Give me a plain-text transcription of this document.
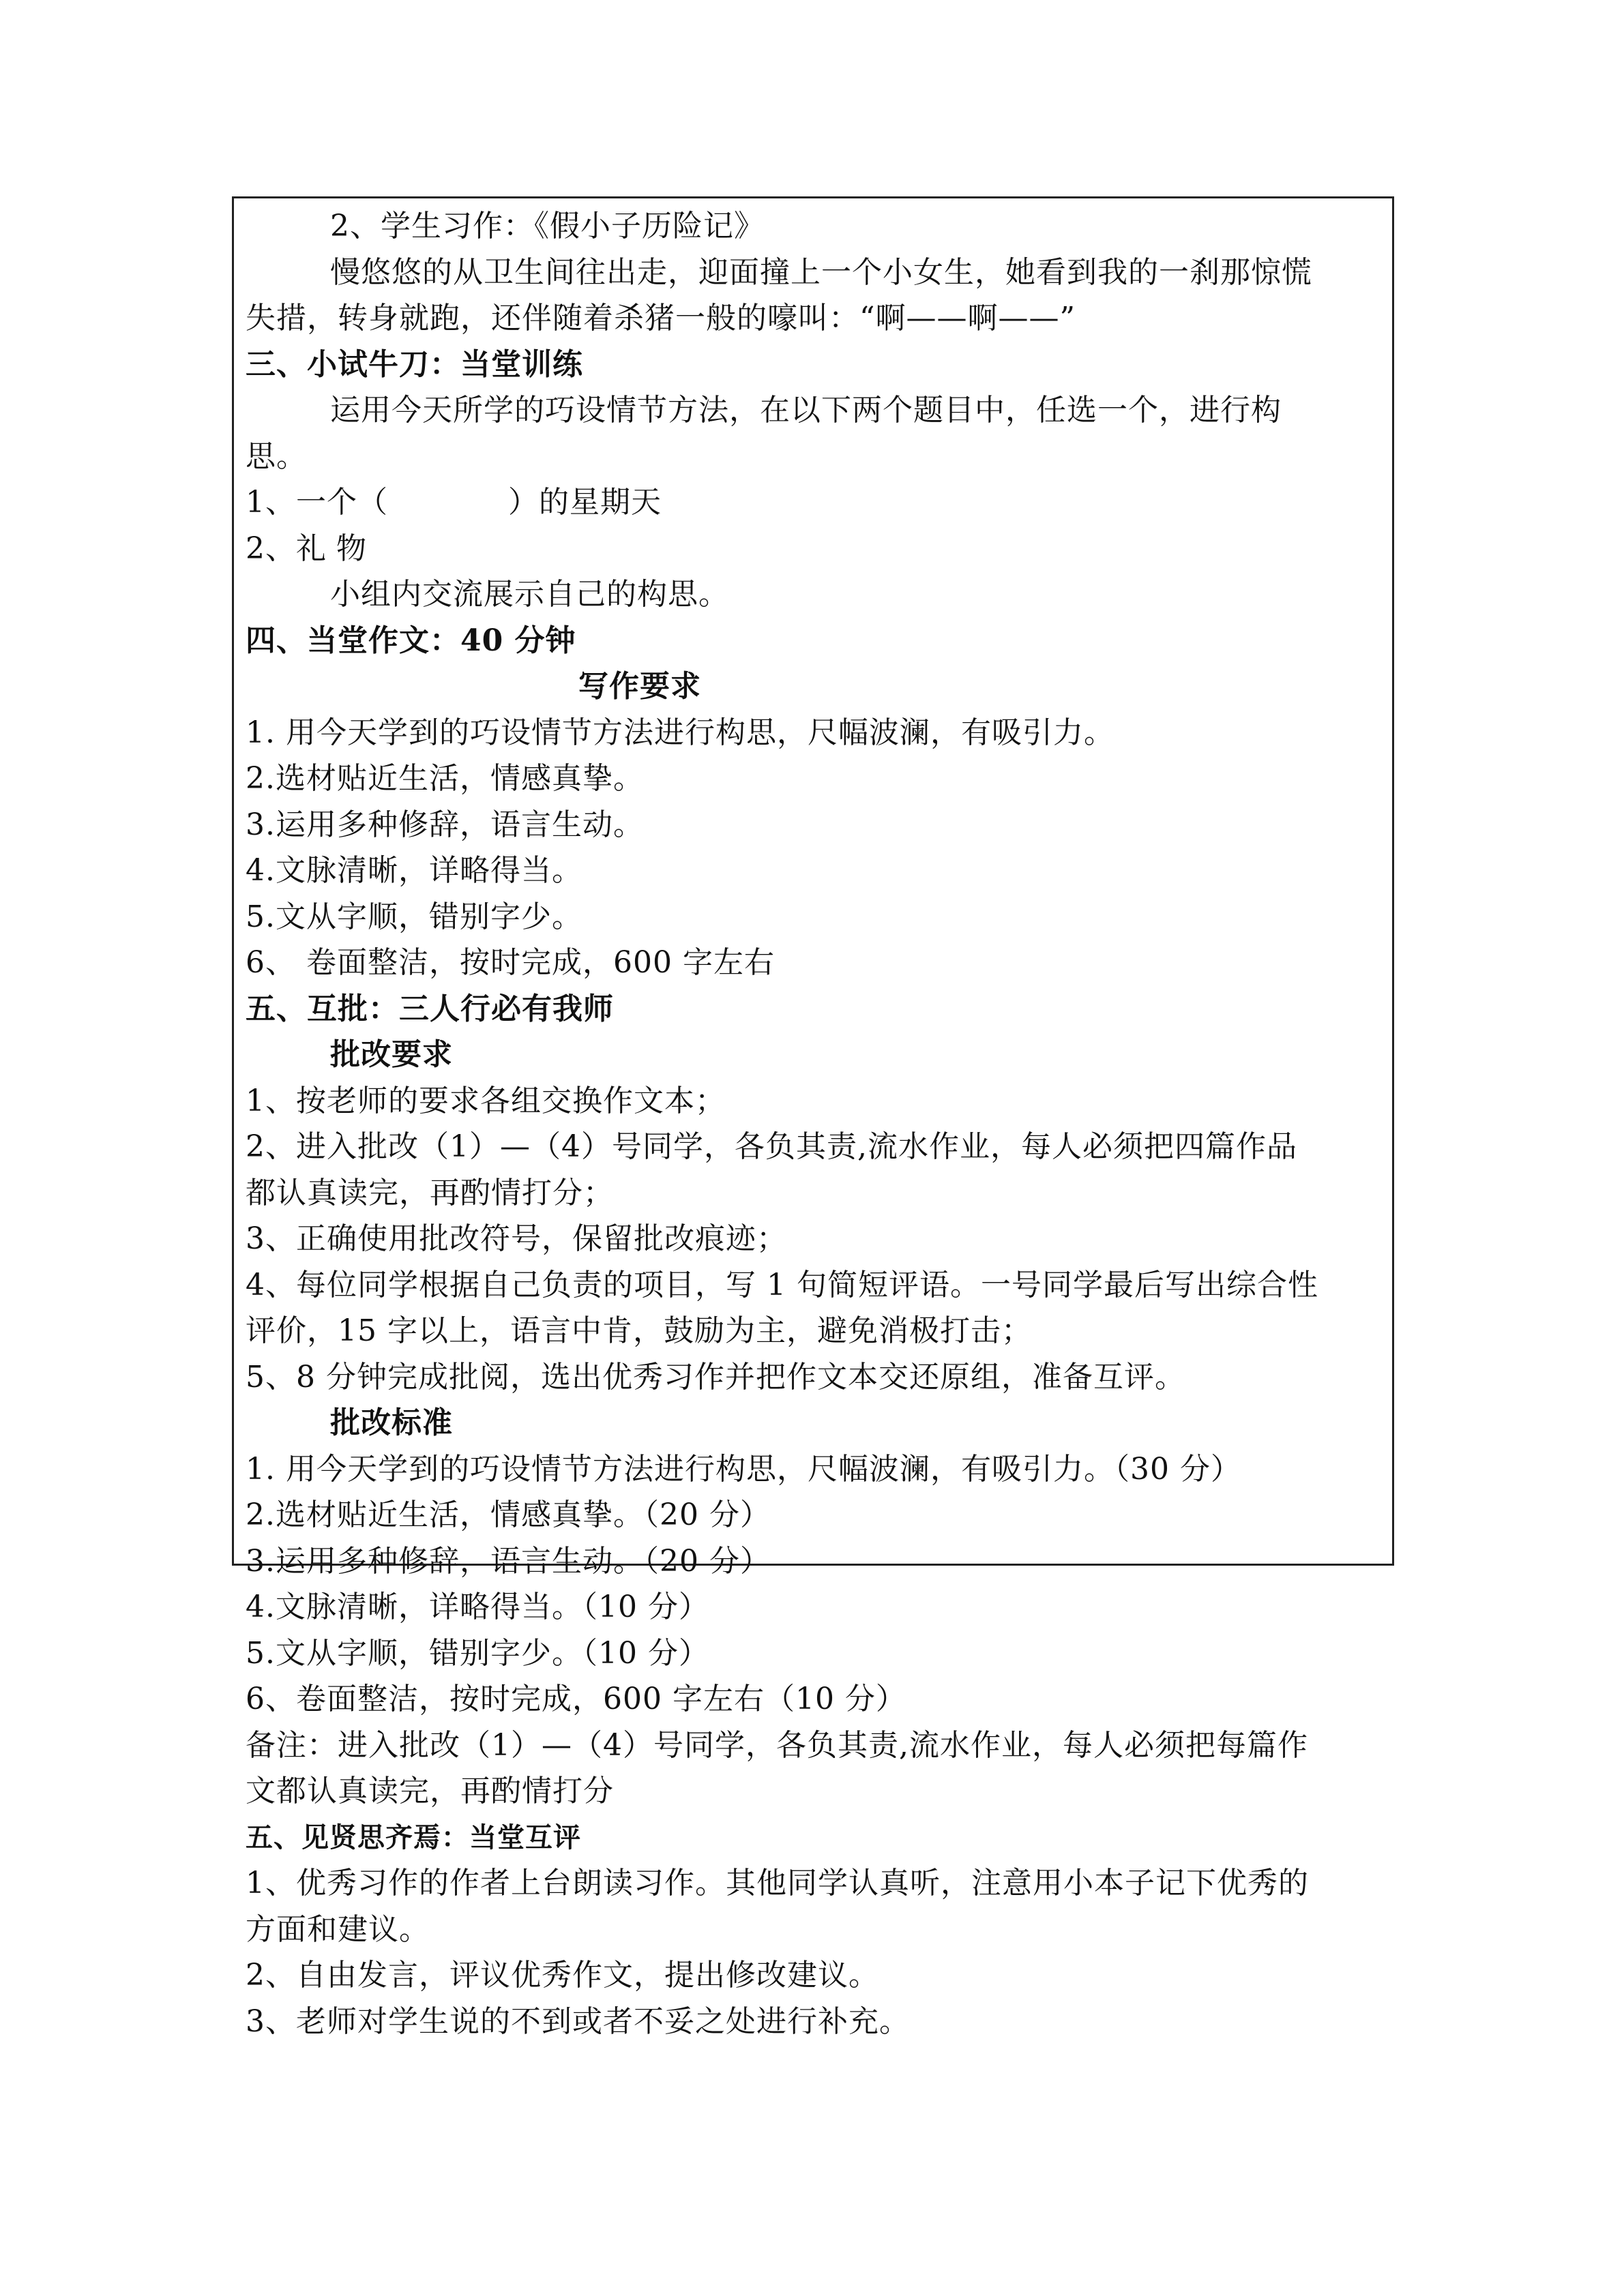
2、学生习作：《假小子历险记》
慢悠悠的从卫生间往出走，迎面撞上一个小女生，她看到我的一刹那惊慌
失措，转身就跑，还伴随着杀猪一般的嚎叫：“啊——啊——”
三、小试牛刀：当堂训练
运用今天所学的巧设情节方法，在以下两个题目中，任选一个，进行构
思。
1、一个（	）的星期天
2、礼 物
小组内交流展示自己的构思。
四、当堂作文：40 分钟
写作要求
1. 用今天学到的巧设情节方法进行构思，尺幅波澜，有吸引力。
2.选材贴近生活，情感真挚。
3.运用多种修辞，语言生动。
4.文脉清晰，详略得当。
5.文从字顺，错别字少。
6、 卷面整洁，按时完成，600 字左右
五、互批：三人行必有我师
批改要求
1、按老师的要求各组交换作文本；
2、进入批改（1）—（4）号同学，各负其责,流水作业，每人必须把四篇作品
都认真读完，再酌情打分；
3、正确使用批改符号，保留批改痕迹；
4、每位同学根据自己负责的项目，写 1 句简短评语。一号同学最后写出综合性
评价，15 字以上，语言中肯，鼓励为主，避免消极打击；
5、8 分钟完成批阅，选出优秀习作并把作文本交还原组，准备互评。
批改标准
1. 用今天学到的巧设情节方法进行构思，尺幅波澜，有吸引力。（30 分）
2.选材贴近生活，情感真挚。（20 分）
3.运用多种修辞，语言生动。（20 分）
4.文脉清晰，详略得当。（10 分）
5.文从字顺，错别字少。（10 分）
6、卷面整洁，按时完成，600 字左右（10 分）
备注：进入批改（1）—（4）号同学，各负其责,流水作业，每人必须把每篇作
文都认真读完，再酌情打分
五、见贤思齐焉：当堂互评
1、优秀习作的作者上台朗读习作。其他同学认真听，注意用小本子记下优秀的
方面和建议。
2、自由发言，评议优秀作文，提出修改建议。
3、老师对学生说的不到或者不妥之处进行补充。
